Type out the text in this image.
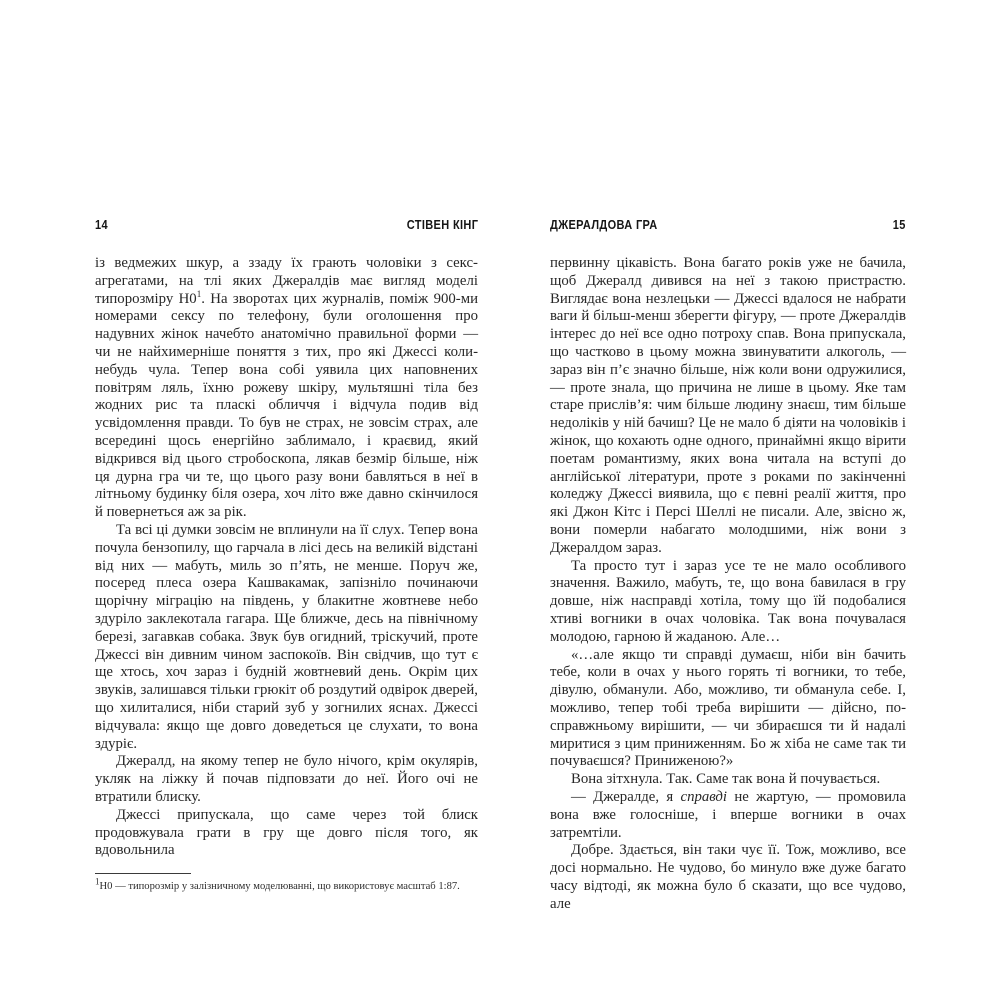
14	СТІВЕН КІНГ

із ведмежих шкур, а ззаду їх грають чоловіки з секс-агрегатами, на тлі яких Джералдів має вигляд моделі типорозміру $Н0^1$. На зворотах цих журналів, поміж 900-ми номерами сексу по телефону, були оголошення про надувних жінок начебто анатомічно правильної форми — чи не найхимерніше поняття з тих, про які Джессі коли-небудь чула. Тепер вона собі уявила цих наповнених повітрям ляль, їхню рожеву шкіру, мультяшні тіла без жодних рис та пласкі обличчя і відчула подив від усвідомлення правди. То був не страх, не зовсім страх, але всередині щось енергійно заблимало, і краєвид, який відкрився від цього стробоскопа, лякав безмір більше, ніж ця дурна гра чи те, що цього разу вони бавляться в неї в літньому будинку біля озера, хоч літо вже давно скінчилося й повернеться аж за рік.

Та всі ці думки зовсім не вплинули на її слух. Тепер вона почула бензопилу, що гарчала в лісі десь на великій відстані від них — мабуть, миль зо п’ять, не менше. Поруч же, посеред плеса озера Кашвакамак, запізніло починаючи щорічну міграцію на південь, у блакитне жовтневе небо здуріло заклекотала гагара. Ще ближче, десь на північному березі, загавкав собака. Звук був огидний, тріскучий, проте Джессі він дивним чином заспокоїв. Він свідчив, що тут є ще хтось, хоч зараз і будній жовтневий день. Окрім цих звуків, залишався тільки грюкіт об роздутий одвірок дверей, що хилиталися, ніби старий зуб у зогнилих яснах. Джессі відчувала: якщо ще довго доведеться це слухати, то вона здуріє.

Джералд, на якому тепер не було нічого, крім окулярів, укляк на ліжку й почав підповзати до неї. Його очі не втратили блиску.

Джессі припускала, що саме через той блиск продовжувала грати в гру ще довго після того, як вдовольнила

$^1$Н0 — типорозмір у залізничному моделюванні, що використовує масштаб 1:87.
ДЖЕРАЛДОВА ГРА	15

первинну цікавість. Вона багато років уже не бачила, щоб Джералд дивився на неї з такою пристрастю. Виглядає вона незлецьки — Джессі вдалося не набрати ваги й більш-менш зберегти фігуру, — проте Джералдів інтерес до неї все одно потроху спав. Вона припускала, що частково в цьому можна звинуватити алкоголь, — зараз він п’є значно більше, ніж коли вони одружилися, — проте знала, що причина не лише в цьому. Яке там старе прислів’я: чим більше людину знаєш, тим більше недоліків у ній бачиш? Це не мало б діяти на чоловіків і жінок, що кохають одне одного, принаймні якщо вірити поетам романтизму, яких вона читала на вступі до англійської літератури, проте з роками по закінченні коледжу Джессі виявила, що є певні реалії життя, про які Джон Кітс і Персі Шеллі не писали. Але, звісно ж, вони померли набагато молодшими, ніж вони з Джералдом зараз.

Та просто тут і зараз усе те не мало особливого значення. Важило, мабуть, те, що вона бавилася в гру довше, ніж насправді хотіла, тому що їй подобалися хтиві вогники в очах чоловіка. Так вона почувалася молодою, гарною й жаданою. Але…

«…але якщо ти справді думаєш, ніби він бачить тебе, коли в очах у нього горять ті вогники, то тебе, дівулю, обманули. Або, можливо, ти обманула себе. І, можливо, тепер тобі треба вирішити — дійсно, по-справжньому вирішити, — чи збираєшся ти й надалі миритися з цим приниженням. Бо ж хіба не саме так ти почуваєшся? Приниженою?»

Вона зітхнула. Так. Саме так вона й почувається.

— Джералде, я справді не жартую, — промовила вона вже голосніше, і вперше вогники в очах затремтіли.

Добре. Здається, він таки чує її. Тож, можливо, все досі нормально. Не чудово, бо минуло вже дуже багато часу відтоді, як можна було б сказати, що все чудово, але
